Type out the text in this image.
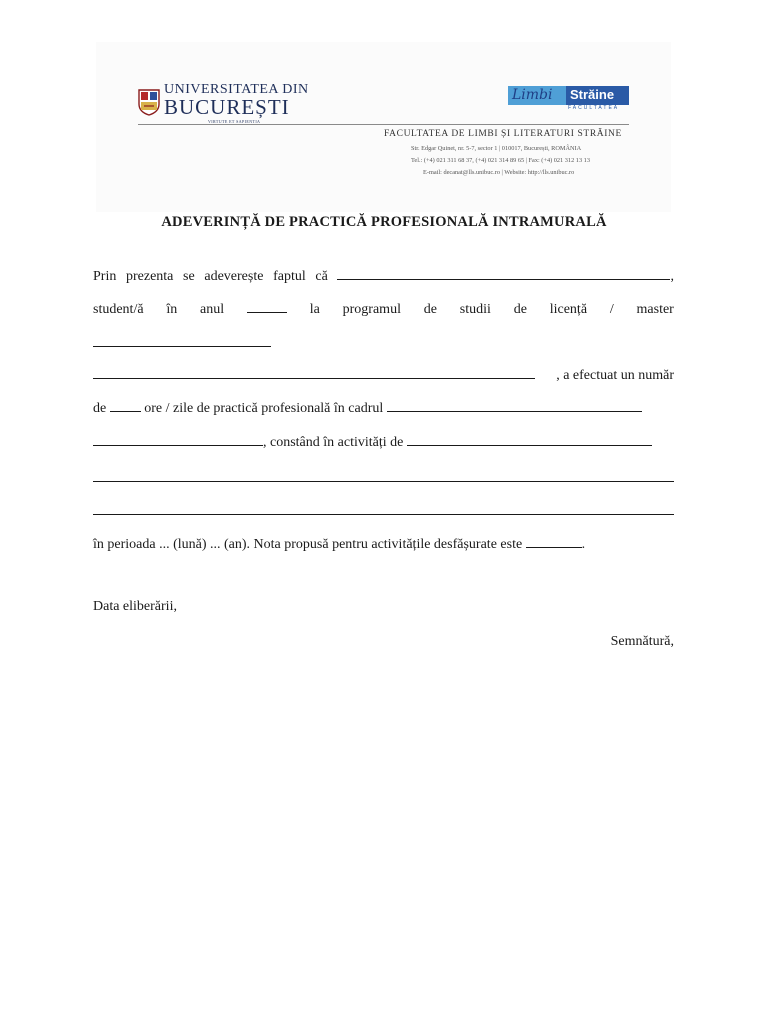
UNIVERSITATEA DIN
BUCUREȘTI
VIRTUTE ET SAPIENTIA
Limbi Străine
FACULTATEA
FACULTATEA DE LIMBI ȘI LITERATURI STRĂINE
Str. Edgar Quinet, nr. 5-7, sector 1 | 010017, București, ROMÂNIA
Tel.: (+4) 021 311 68 37, (+4) 021 314 89 65 | Fax: (+4) 021 312 13 13
E-mail: decanat@lls.unibuc.ro | Website: http://lls.unibuc.ro
ADEVERINȚĂ DE PRACTICĂ PROFESIONALĂ INTRAMURALĂ
Prin prezenta se adeverește faptul că	,
student/ă în anul	la programul de studii de licență / master
, a efectuat un număr
de	ore / zile de practică profesională în cadrul
, constând în activități de
în perioada ... (lună) ... (an). Nota propusă pentru activitățile desfășurate este	.
Data eliberării,
Semnătură,
